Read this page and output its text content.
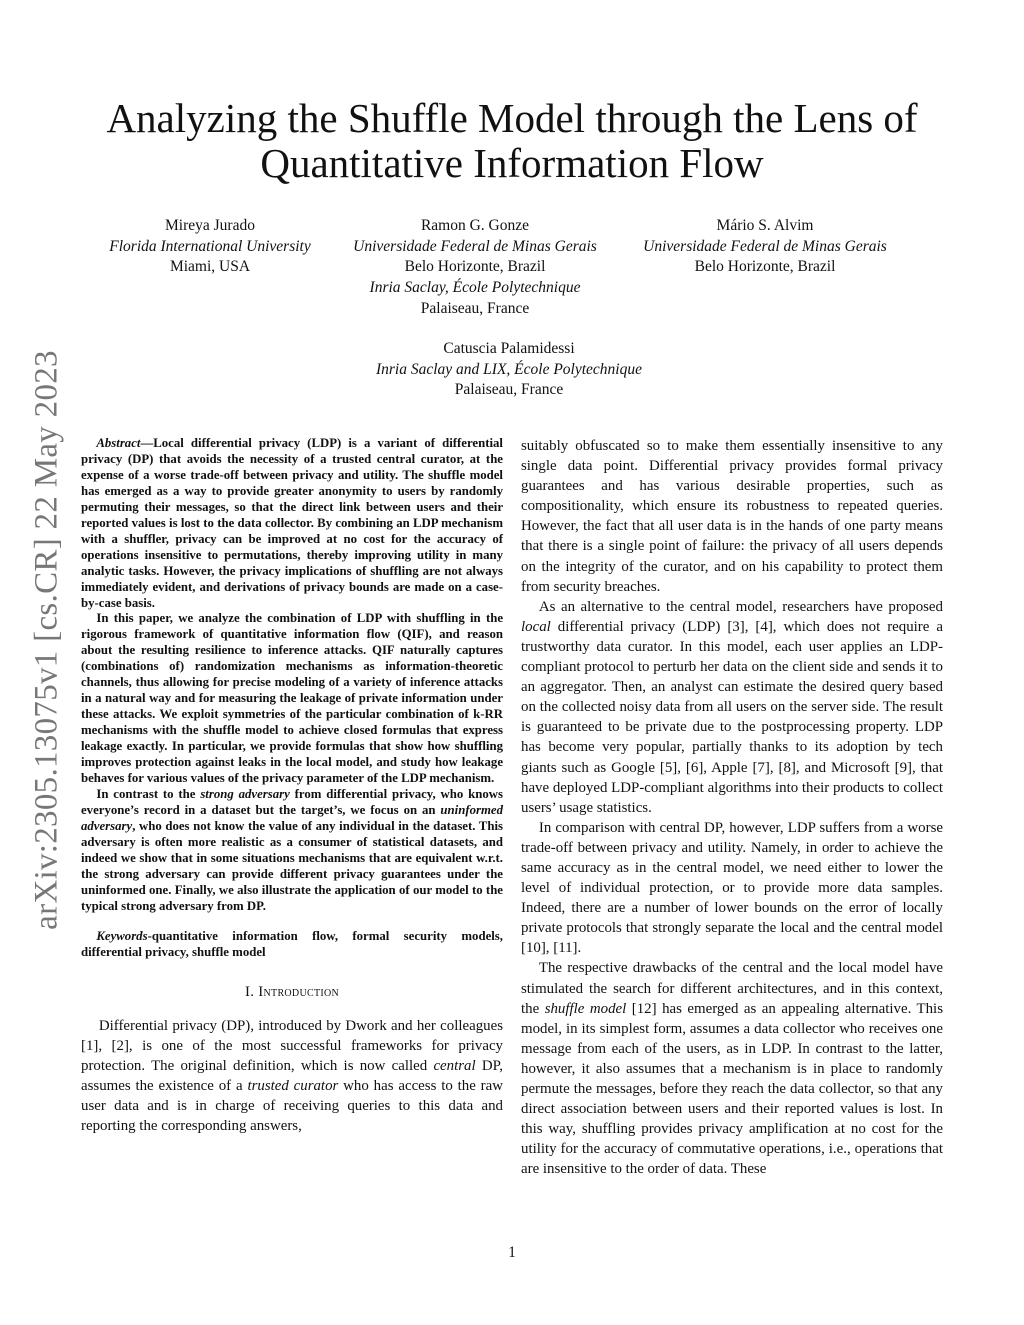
arXiv:2305.13075v1 [cs.CR] 22 May 2023
Analyzing the Shuffle Model through the Lens of
Quantitative Information Flow
Mireya Jurado
Florida International University
Miami, USA
Ramon G. Gonze
Universidade Federal de Minas Gerais
Belo Horizonte, Brazil
Inria Saclay, École Polytechnique
Palaiseau, France
Mário S. Alvim
Universidade Federal de Minas Gerais
Belo Horizonte, Brazil
Catuscia Palamidessi
Inria Saclay and LIX, École Polytechnique
Palaiseau, France

Abstract—Local differential privacy (LDP) is a variant of differential privacy (DP) that avoids the necessity of a trusted central curator, at the expense of a worse trade-off between privacy and utility. The shuffle model has emerged as a way to provide greater anonymity to users by randomly permuting their messages, so that the direct link between users and their reported values is lost to the data collector. By combining an LDP mechanism with a shuffler, privacy can be improved at no cost for the accuracy of operations insensitive to permutations, thereby improving utility in many analytic tasks. However, the privacy implications of shuffling are not always immediately evident, and derivations of privacy bounds are made on a case-by-case basis.

In this paper, we analyze the combination of LDP with shuffling in the rigorous framework of quantitative information flow (QIF), and reason about the resulting resilience to inference attacks. QIF naturally captures (combinations of) randomization mechanisms as information-theoretic channels, thus allowing for precise modeling of a variety of inference attacks in a natural way and for measuring the leakage of private information under these attacks. We exploit symmetries of the particular combination of k-RR mechanisms with the shuffle model to achieve closed formulas that express leakage exactly. In particular, we provide formulas that show how shuffling improves protection against leaks in the local model, and study how leakage behaves for various values of the privacy parameter of the LDP mechanism.

In contrast to the strong adversary from differential privacy, who knows everyone’s record in a dataset but the target’s, we focus on an uninformed adversary, who does not know the value of any individual in the dataset. This adversary is often more realistic as a consumer of statistical datasets, and indeed we show that in some situations mechanisms that are equivalent w.r.t. the strong adversary can provide different privacy guarantees under the uninformed one. Finally, we also illustrate the application of our model to the typical strong adversary from DP.

Keywords-quantitative information flow, formal security models, differential privacy, shuffle model

I. Introduction

Differential privacy (DP), introduced by Dwork and her colleagues [1], [2], is one of the most successful frameworks for privacy protection. The original definition, which is now called central DP, assumes the existence of a trusted curator who has access to the raw user data and is in charge of receiving queries to this data and reporting the corresponding answers,

suitably obfuscated so to make them essentially insensitive to any single data point. Differential privacy provides formal privacy guarantees and has various desirable properties, such as compositionality, which ensure its robustness to repeated queries. However, the fact that all user data is in the hands of one party means that there is a single point of failure: the privacy of all users depends on the integrity of the curator, and on his capability to protect them from security breaches.

As an alternative to the central model, researchers have proposed local differential privacy (LDP) [3], [4], which does not require a trustworthy data curator. In this model, each user applies an LDP-compliant protocol to perturb her data on the client side and sends it to an aggregator. Then, an analyst can estimate the desired query based on the collected noisy data from all users on the server side. The result is guaranteed to be private due to the postprocessing property. LDP has become very popular, partially thanks to its adoption by tech giants such as Google [5], [6], Apple [7], [8], and Microsoft [9], that have deployed LDP-compliant algorithms into their products to collect users’ usage statistics.

In comparison with central DP, however, LDP suffers from a worse trade-off between privacy and utility. Namely, in order to achieve the same accuracy as in the central model, we need either to lower the level of individual protection, or to provide more data samples. Indeed, there are a number of lower bounds on the error of locally private protocols that strongly separate the local and the central model [10], [11].

The respective drawbacks of the central and the local model have stimulated the search for different architectures, and in this context, the shuffle model [12] has emerged as an appealing alternative. This model, in its simplest form, assumes a data collector who receives one message from each of the users, as in LDP. In contrast to the latter, however, it also assumes that a mechanism is in place to randomly permute the messages, before they reach the data collector, so that any direct association between users and their reported values is lost. In this way, shuffling provides privacy amplification at no cost for the utility for the accuracy of commutative operations, i.e., operations that are insensitive to the order of data. These

1
